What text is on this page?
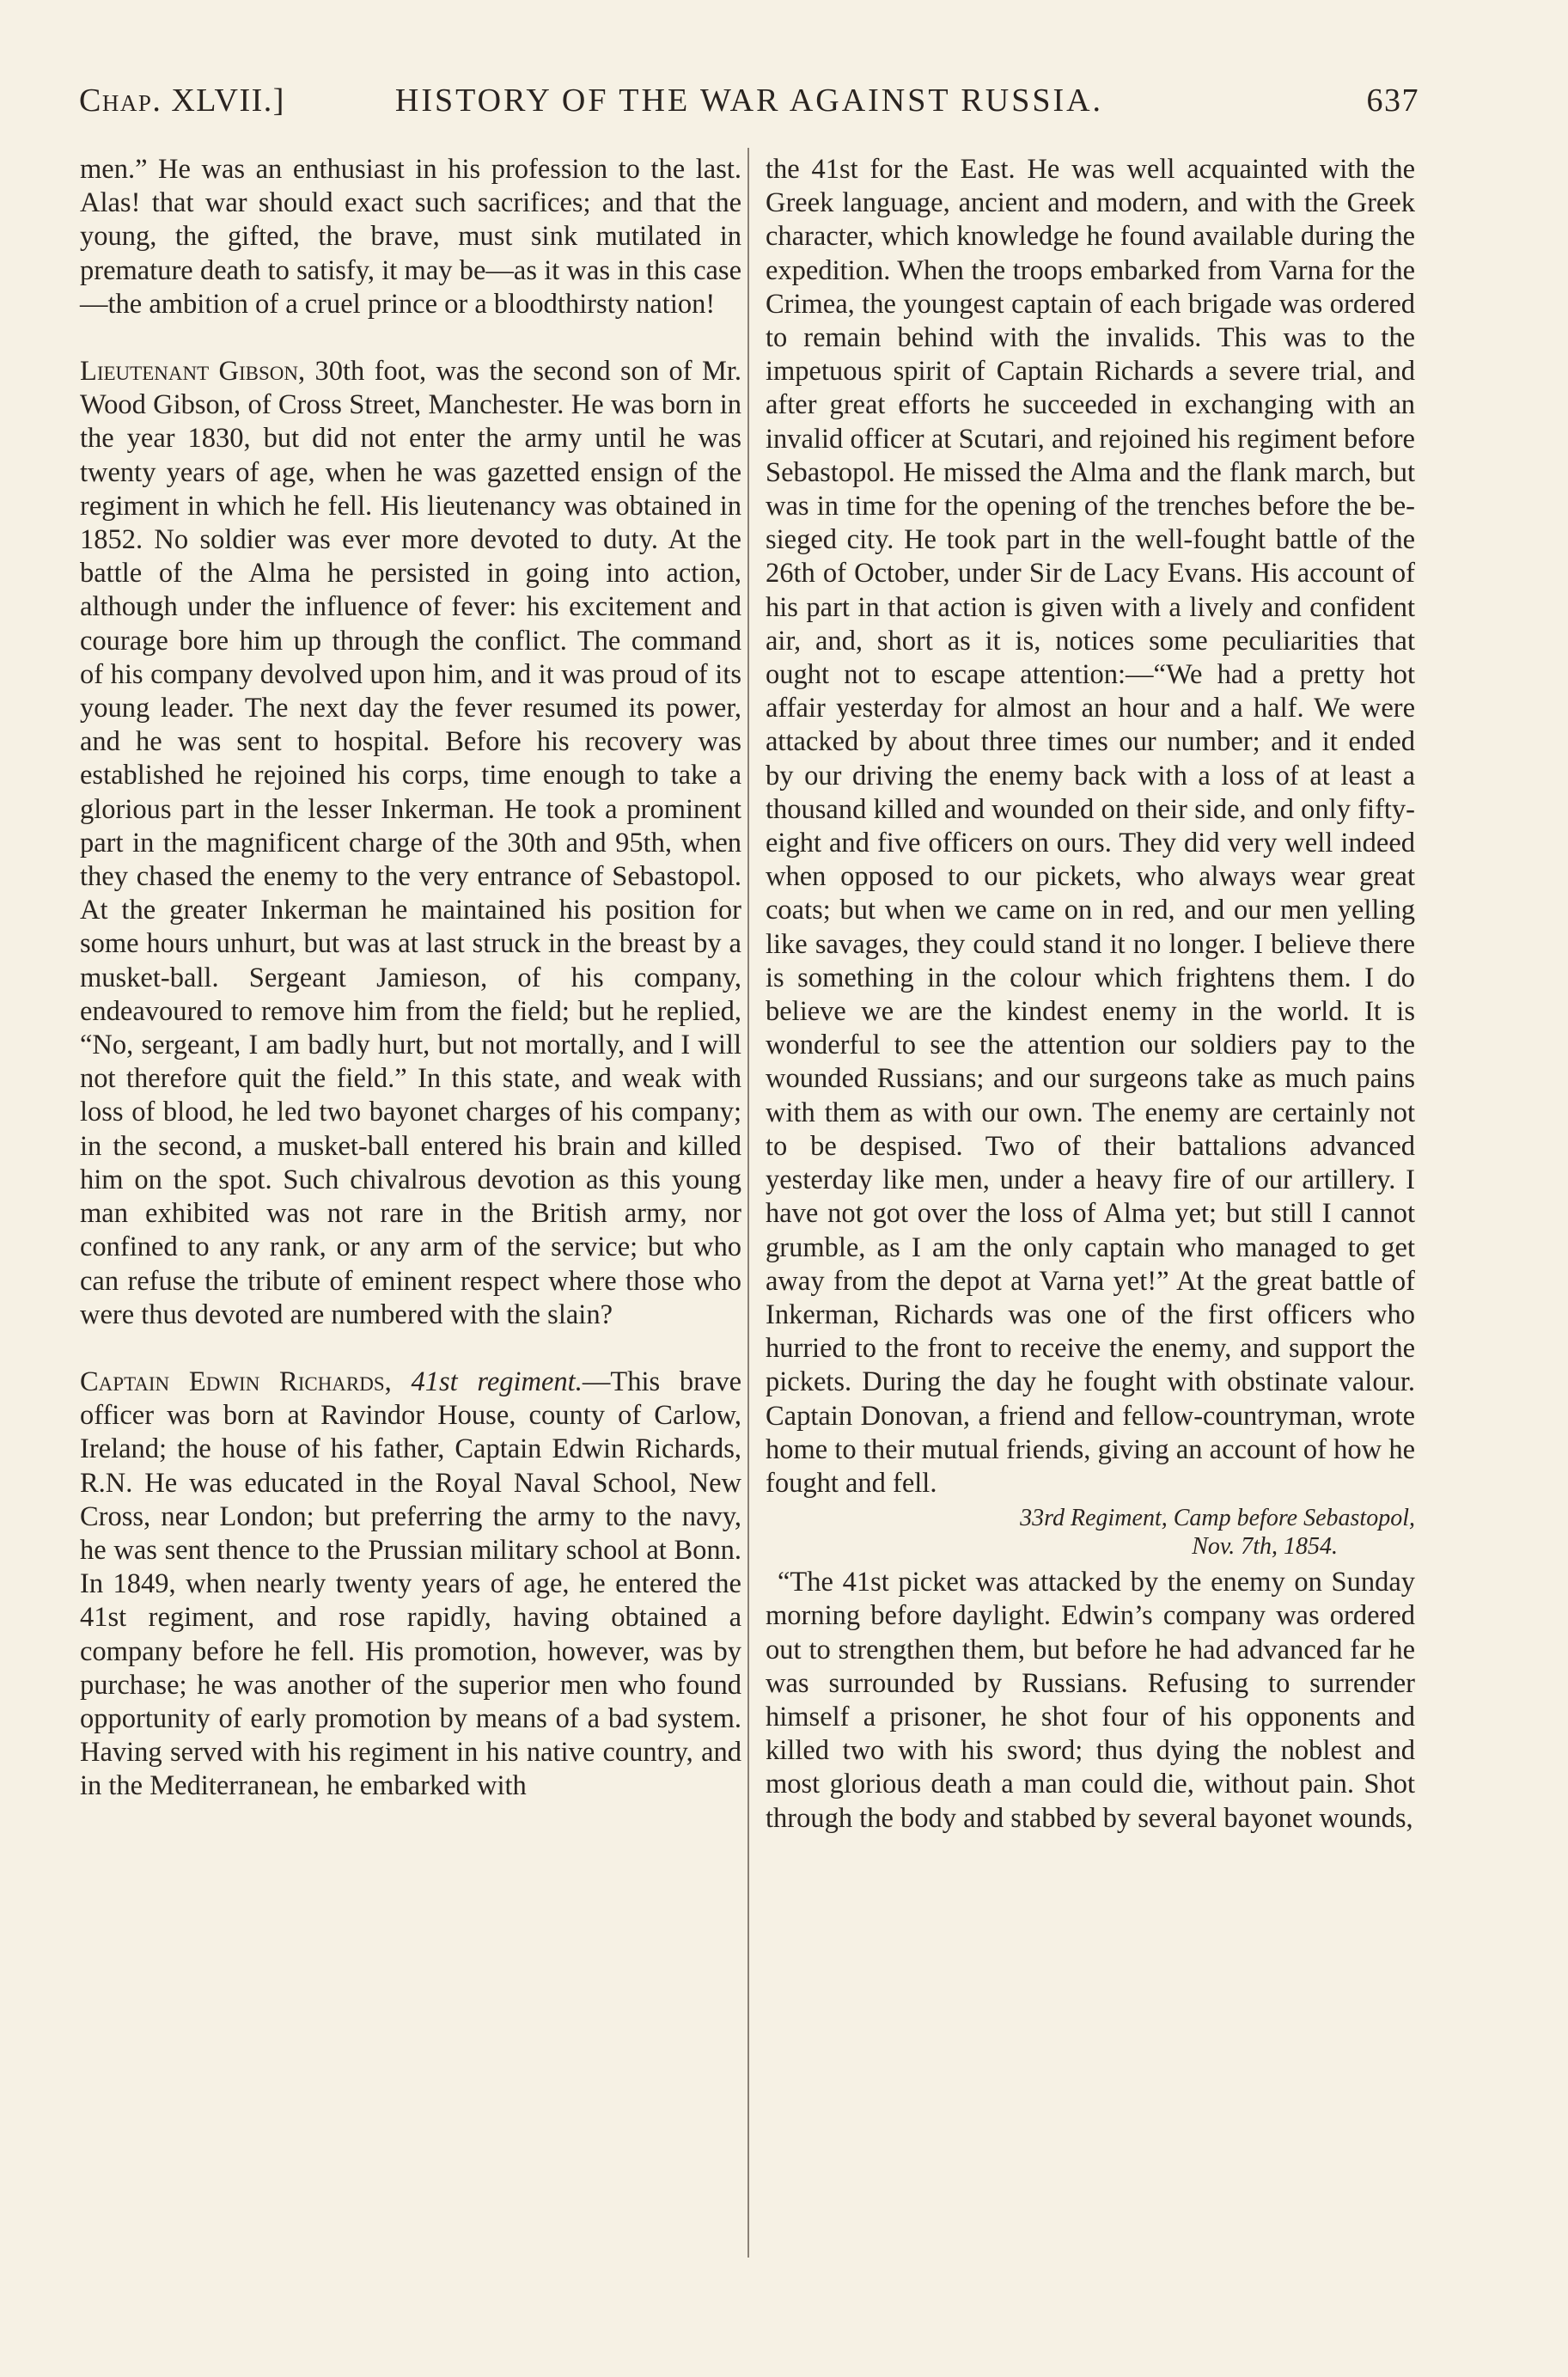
Chap. XLVII.]	HISTORY OF THE WAR AGAINST RUSSIA.	637

men.” He was an enthusiast in his profession to the last. Alas! that war should exact such sacrifices; and that the young, the gifted, the brave, must sink mutilated in premature death to satisfy, it may be—as it was in this case—the ambition of a cruel prince or a bloodthirsty nation!

Lieutenant Gibson, 30th foot, was the second son of Mr. Wood Gibson, of Cross Street, Manchester. He was born in the year 1830, but did not enter the army until he was twenty years of age, when he was gazetted ensign of the regiment in which he fell. His lieutenancy was obtained in 1852. No soldier was ever more devoted to duty. At the battle of the Alma he persisted in going into action, although under the influence of fever: his excitement and courage bore him up through the conflict. The command of his company devolved upon him, and it was proud of its young leader. The next day the fever resumed its power, and he was sent to hospital. Before his recovery was established he rejoined his corps, time enough to take a glorious part in the lesser Inkerman. He took a prominent part in the magnificent charge of the 30th and 95th, when they chased the enemy to the very entrance of Sebastopol. At the greater Inkerman he maintained his position for some hours unhurt, but was at last struck in the breast by a musket-ball. Sergeant Jamieson, of his company, endeavoured to remove him from the field; but he replied, “No, sergeant, I am badly hurt, but not mortally, and I will not therefore quit the field.” In this state, and weak with loss of blood, he led two bayonet charges of his company; in the second, a musket-ball entered his brain and killed him on the spot. Such chivalrous devotion as this young man exhibited was not rare in the British army, nor confined to any rank, or any arm of the service; but who can refuse the tribute of eminent respect where those who were thus devoted are numbered with the slain?

Captain Edwin Richards, 41st regiment.—This brave officer was born at Ravindor House, county of Carlow, Ireland; the house of his father, Captain Edwin Richards, R.N. He was educated in the Royal Naval School, New Cross, near London; but preferring the army to the navy, he was sent thence to the Prussian military school at Bonn. In 1849, when nearly twenty years of age, he entered the 41st regiment, and rose rapidly, having obtained a company before he fell. His promotion, however, was by purchase; he was another of the superior men who found opportunity of early promotion by means of a bad system. Having served with his regiment in his native country, and in the Mediterranean, he embarked with

the 41st for the East. He was well acquainted with the Greek language, ancient and modern, and with the Greek character, which knowledge he found available during the expedition. When the troops embarked from Varna for the Crimea, the youngest captain of each brigade was ordered to remain behind with the invalids. This was to the impetuous spirit of Captain Richards a severe trial, and after great efforts he succeeded in exchanging with an invalid officer at Scutari, and rejoined his regiment before Sebastopol. He missed the Alma and the flank march, but was in time for the opening of the trenches before the besieged city. He took part in the well-fought battle of the 26th of October, under Sir de Lacy Evans. His account of his part in that action is given with a lively and confident air, and, short as it is, notices some peculiarities that ought not to escape attention:—“We had a pretty hot affair yesterday for almost an hour and a half. We were attacked by about three times our number; and it ended by our driving the enemy back with a loss of at least a thousand killed and wounded on their side, and only fifty-eight and five officers on ours. They did very well indeed when opposed to our pickets, who always wear great coats; but when we came on in red, and our men yelling like savages, they could stand it no longer. I believe there is something in the colour which frightens them. I do believe we are the kindest enemy in the world. It is wonderful to see the attention our soldiers pay to the wounded Russians; and our surgeons take as much pains with them as with our own. The enemy are certainly not to be despised. Two of their battalions advanced yesterday like men, under a heavy fire of our artillery. I have not got over the loss of Alma yet; but still I cannot grumble, as I am the only captain who managed to get away from the depot at Varna yet!” At the great battle of Inkerman, Richards was one of the first officers who hurried to the front to receive the enemy, and support the pickets. During the day he fought with obstinate valour. Captain Donovan, a friend and fellow-countryman, wrote home to their mutual friends, giving an account of how he fought and fell.

33rd Regiment, Camp before Sebastopol,
Nov. 7th, 1854.

“The 41st picket was attacked by the enemy on Sunday morning before daylight. Edwin’s company was ordered out to strengthen them, but before he had advanced far he was surrounded by Russians. Refusing to surrender himself a prisoner, he shot four of his opponents and killed two with his sword; thus dying the noblest and most glorious death a man could die, without pain. Shot through the body and stabbed by several bayonet wounds,
